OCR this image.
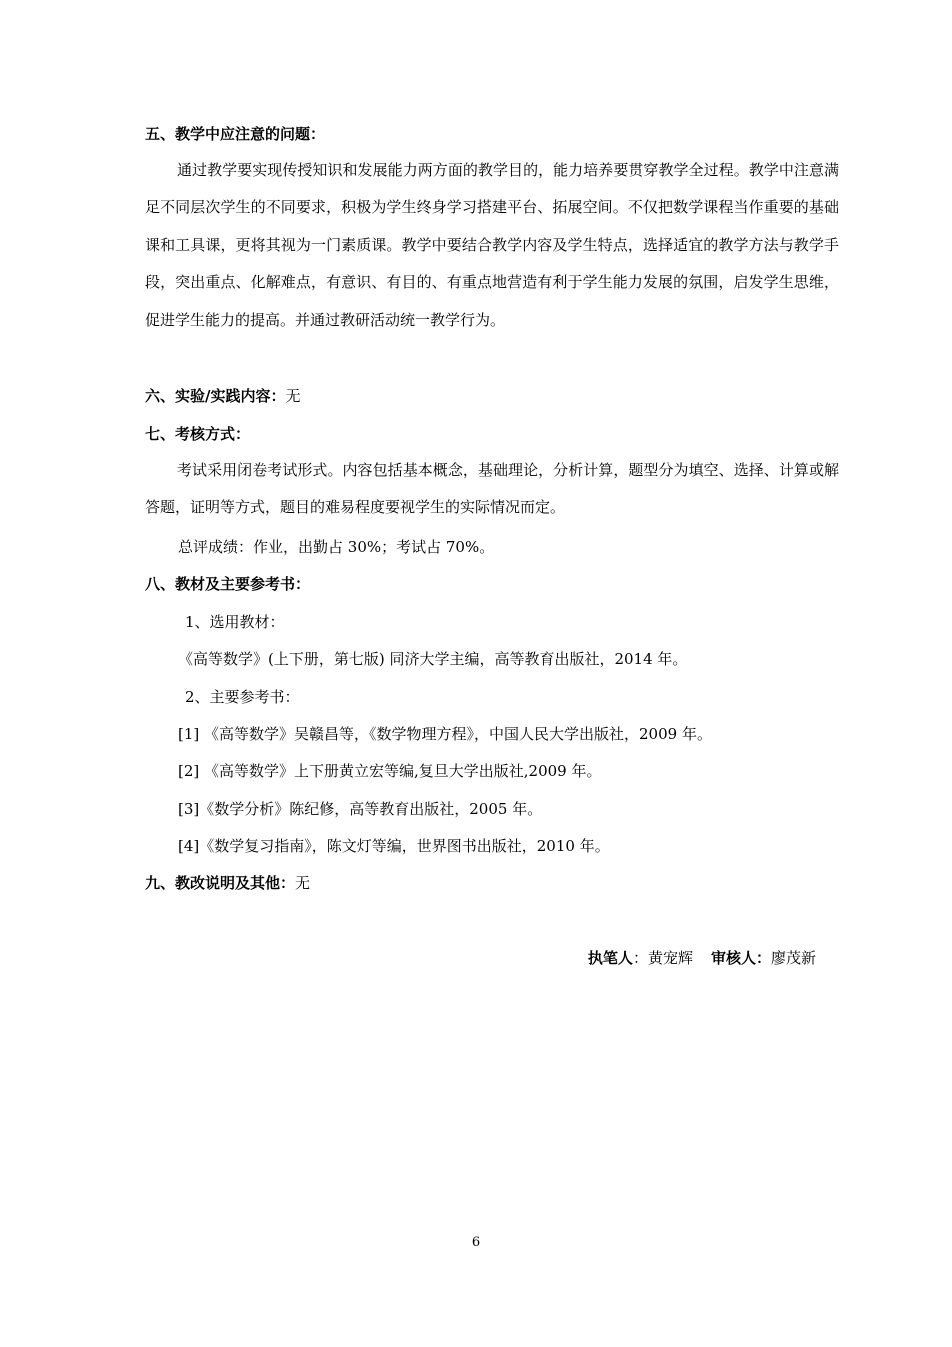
五、教学中应注意的问题：

通过教学要实现传授知识和发展能力两方面的教学目的，能力培养要贯穿教学全过程。教学中注意满足不同层次学生的不同要求，积极为学生终身学习搭建平台、拓展空间。不仅把数学课程当作重要的基础课和工具课，更将其视为一门素质课。教学中要结合教学内容及学生特点，选择适宜的教学方法与教学手段，突出重点、化解难点，有意识、有目的、有重点地营造有利于学生能力发展的氛围，启发学生思维，促进学生能力的提高。并通过教研活动统一教学行为。

六、实验/实践内容：无
七、考核方式：

考试采用闭卷考试形式。内容包括基本概念，基础理论，分析计算，题型分为填空、选择、计算或解答题，证明等方式，题目的难易程度要视学生的实际情况而定。

总评成绩：作业，出勤占 30%；考试占 70%。
八、教材及主要参考书：
1、选用教材：
《高等数学》(上下册，第七版) 同济大学主编，高等教育出版社，2014 年。
2、主要参考书：
[1] 《高等数学》吴赣昌等，《数学物理方程》，中国人民大学出版社，2009 年。
[2] 《高等数学》上下册黄立宏等编,复旦大学出版社,2009 年。
[3]《数学分析》陈纪修，高等教育出版社，2005 年。
[4]《数学复习指南》，陈文灯等编，世界图书出版社，2010 年。
九、教改说明及其他：无
执笔人：黄宠辉 审核人：廖茂新
6
